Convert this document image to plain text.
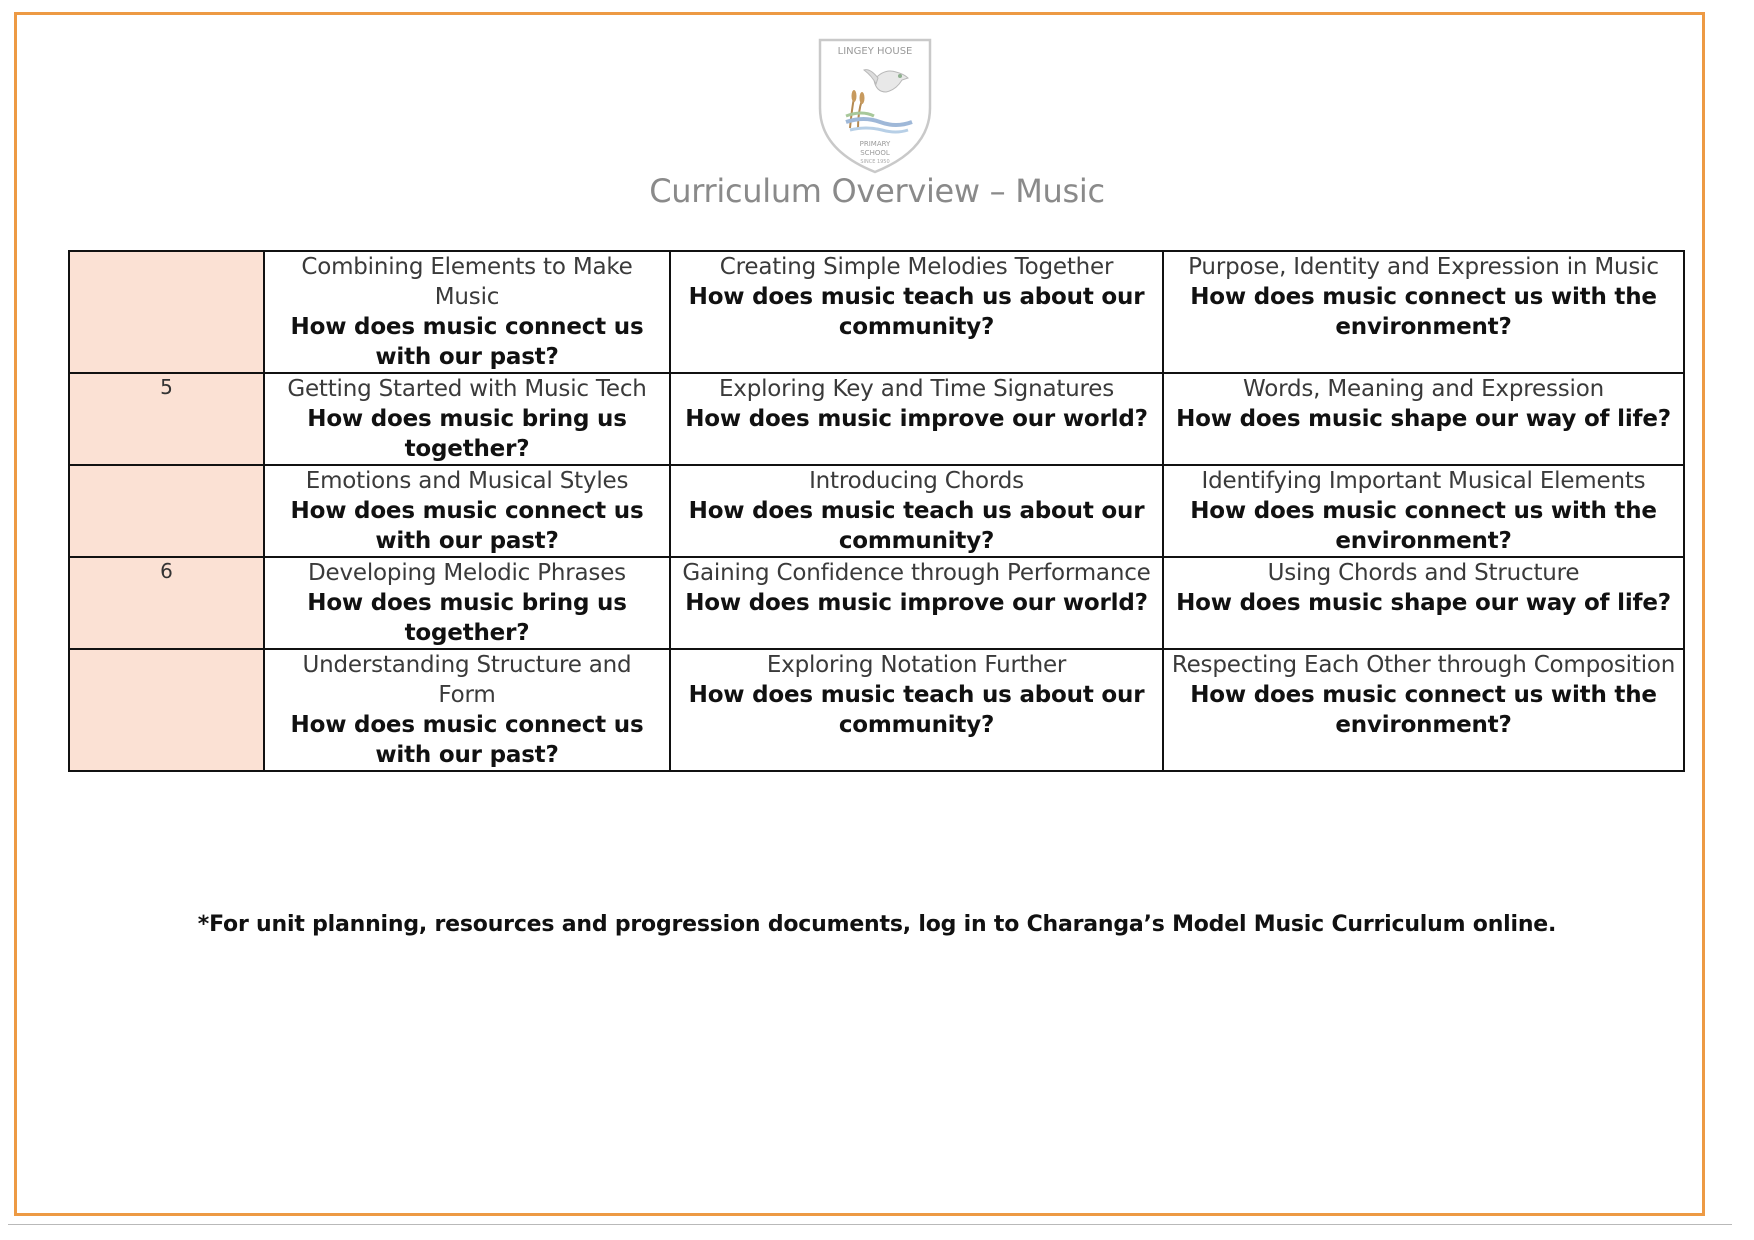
LINGEY HOUSE
PRIMARY
SCHOOL
SINCE 1950
Curriculum Overview – Music

	Combining Elements to Make Music
How does music connect us with our past?	Creating Simple Melodies Together
How does music teach us about our community?	Purpose, Identity and Expression in Music
How does music connect us with the environment?

5	Getting Started with Music Tech
How does music bring us together?	Exploring Key and Time Signatures
How does music improve our world?	Words, Meaning and Expression
How does music shape our way of life?

	Emotions and Musical Styles
How does music connect us with our past?	Introducing Chords
How does music teach us about our community?	Identifying Important Musical Elements
How does music connect us with the environment?

6	Developing Melodic Phrases
How does music bring us together?	Gaining Confidence through Performance
How does music improve our world?	Using Chords and Structure
How does music shape our way of life?

	Understanding Structure and Form
How does music connect us with our past?	Exploring Notation Further
How does music teach us about our community?	Respecting Each Other through Composition
How does music connect us with the environment?
*For unit planning, resources and progression documents, log in to Charanga’s Model Music Curriculum online.
